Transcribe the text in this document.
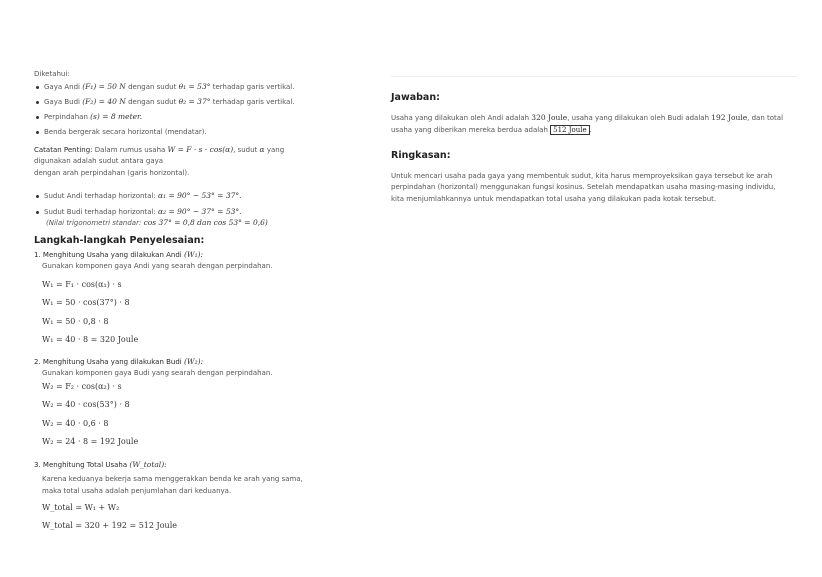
Diketahui:
Gaya Andi (F₁) = 50 N dengan sudut θ₁ = 53° terhadap garis vertikal.
Gaya Budi (F₂) = 40 N dengan sudut θ₂ = 37° terhadap garis vertikal.
Perpindahan (s) = 8 meter.
Benda bergerak secara horizontal (mendatar).
Catatan Penting: Dalam rumus usaha W = F · s · cos(α), sudut α yang
digunakan adalah sudut antara gaya
dengan arah perpindahan (garis horizontal).
Sudut Andi terhadap horizontal: α₁ = 90° − 53° = 37°.
Sudut Budi terhadap horizontal: α₂ = 90° − 37° = 53°.
(Nilai trigonometri standar: cos 37° = 0,8 dan cos 53° = 0,6)
Langkah-langkah Penyelesaian:
1. Menghitung Usaha yang dilakukan Andi (W₁):
Gunakan komponen gaya Andi yang searah dengan perpindahan.
W₁ = F₁ · cos(α₁) · s
W₁ = 50 · cos(37°) · 8
W₁ = 50 · 0,8 · 8
W₁ = 40 · 8 = 320 Joule
2. Menghitung Usaha yang dilakukan Budi (W₂):
Gunakan komponen gaya Budi yang searah dengan perpindahan.
W₂ = F₂ · cos(α₂) · s
W₂ = 40 · cos(53°) · 8
W₂ = 40 · 0,6 · 8
W₂ = 24 · 8 = 192 Joule
3. Menghitung Total Usaha (W_total):
Karena keduanya bekerja sama menggerakkan benda ke arah yang sama,
maka total usaha adalah penjumlahan dari keduanya.
W_total = W₁ + W₂
W_total = 320 + 192 = 512 Joule
Jawaban:
Usaha yang dilakukan oleh Andi adalah 320 Joule, usaha yang dilakukan oleh Budi adalah 192 Joule, dan total
usaha yang diberikan mereka berdua adalah 512 Joule .
Ringkasan:
Untuk mencari usaha pada gaya yang membentuk sudut, kita harus memproyeksikan gaya tersebut ke arah
perpindahan (horizontal) menggunakan fungsi kosinus. Setelah mendapatkan usaha masing-masing individu,
kita menjumlahkannya untuk mendapatkan total usaha yang dilakukan pada kotak tersebut.
